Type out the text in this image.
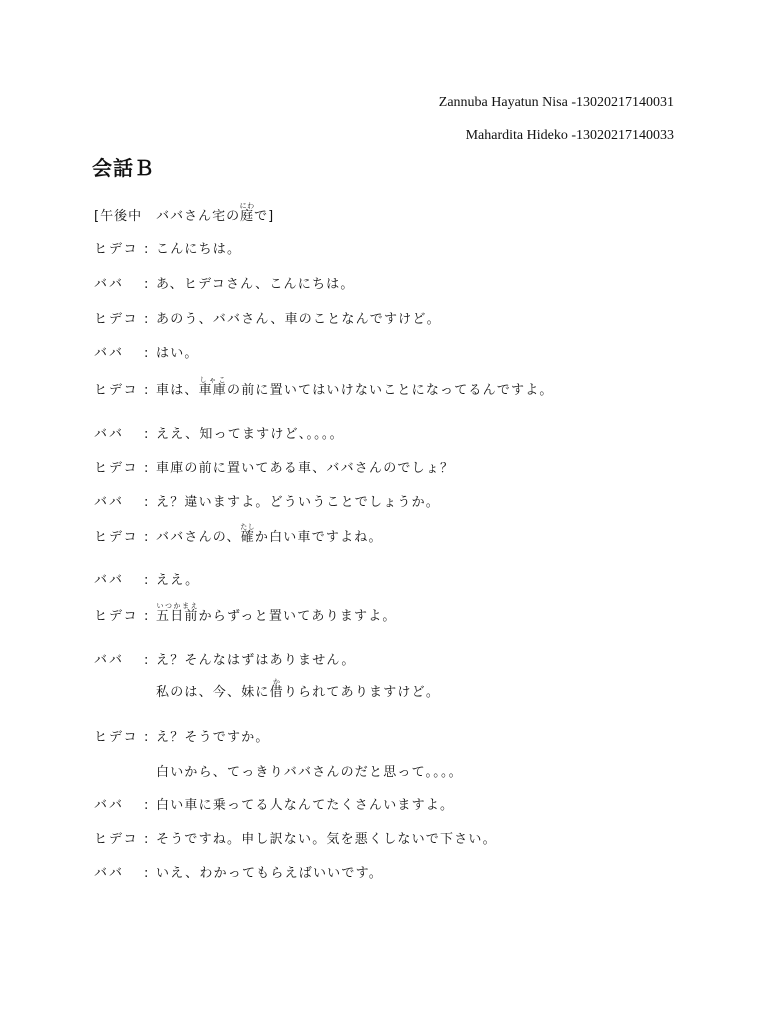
Zannuba Hayatun Nisa -13020217140031
Mahardita Hideko -13020217140033
会話Ｂ
[午後中　ババさん宅の庭にわで]
ヒデコ : こんにちは。
ババ : あ、ヒデコさん、こんにちは。
ヒデコ : あのう、ババさん、車のことなんですけど。
ババ : はい。
ヒデコ : 車は、車庫しゃこの前に置いてはいけないことになってるんですよ。
ババ : ええ、知ってますけど、。。。。
ヒデコ : 車庫の前に置いてある車、ババさんのでしょ？
ババ : え？違いますよ。どういうことでしょうか。
ヒデコ : ババさんの、確たしか白い車ですよね。
ババ : ええ。
ヒデコ : 五日前いつかまえからずっと置いてありますよ。
ババ : え？そんなはずはありません。
私のは、今、妹に借かりられてありますけど。
ヒデコ : え？そうですか。
白いから、てっきりババさんのだと思って。。。。
ババ : 白い車に乗ってる人なんてたくさんいますよ。
ヒデコ : そうですね。申し訳ない。気を悪くしないで下さい。
ババ : いえ、わかってもらえばいいです。
